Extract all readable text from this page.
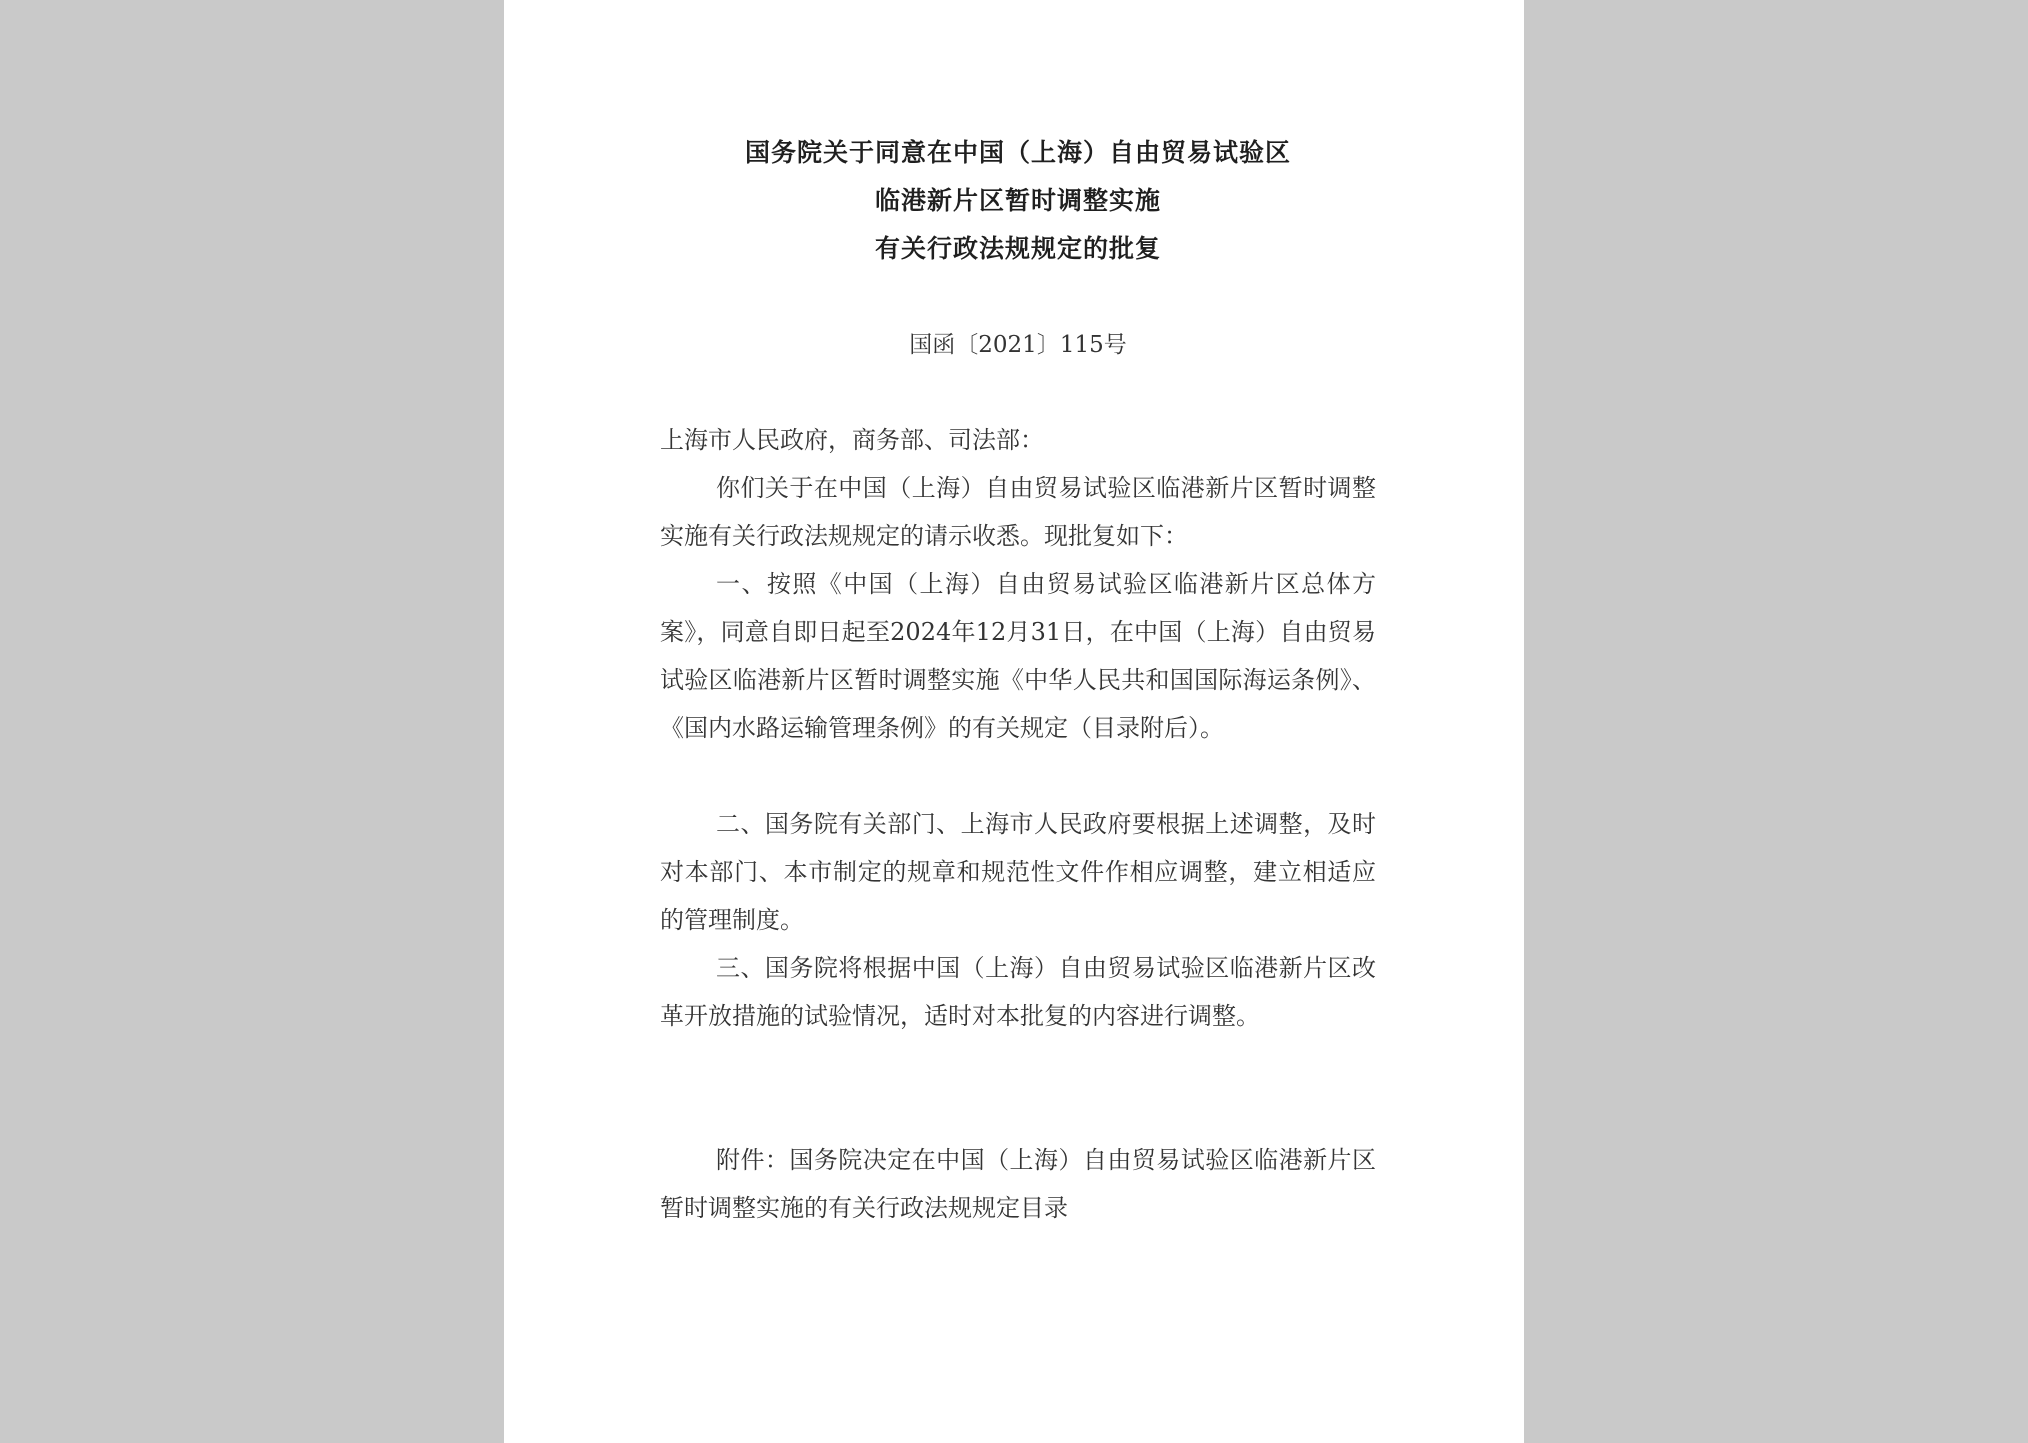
国务院关于同意在中国（上海）自由贸易试验区
临港新片区暂时调整实施
有关行政法规规定的批复
国函〔2021〕115号
上海市人民政府，商务部、司法部：

你们关于在中国（上海）自由贸易试验区临港新片区暂时调整实施有关行政法规规定的请示收悉。现批复如下：

一、按照《中国（上海）自由贸易试验区临港新片区总体方案》，同意自即日起至2024年12月31日，在中国（上海）自由贸易试验区临港新片区暂时调整实施《中华人民共和国国际海运条例》、《国内水路运输管理条例》的有关规定（目录附后）。

二、国务院有关部门、上海市人民政府要根据上述调整，及时对本部门、本市制定的规章和规范性文件作相应调整，建立相适应的管理制度。

三、国务院将根据中国（上海）自由贸易试验区临港新片区改革开放措施的试验情况，适时对本批复的内容进行调整。

附件：国务院决定在中国（上海）自由贸易试验区临港新片区暂时调整实施的有关行政法规规定目录
